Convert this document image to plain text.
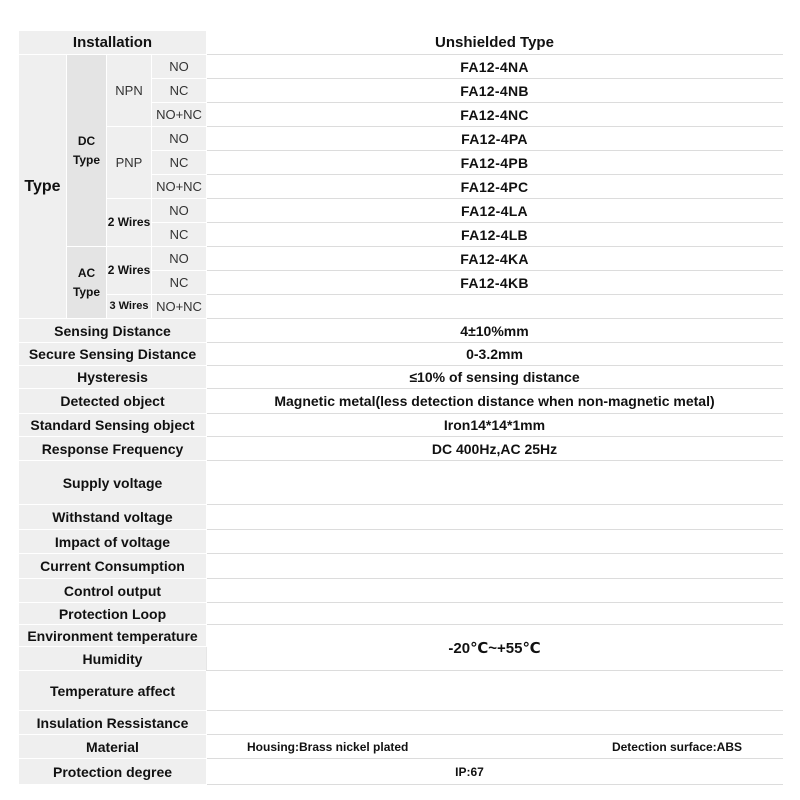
Installation				Unshielded Type
Type	DC Type	NPN	NO	FA12-4NA
			NC	FA12-4NB
			NO+NC	FA12-4NC
		PNP	NO	FA12-4PA
			NC	FA12-4PB
			NO+NC	FA12-4PC
		2 Wires	NO	FA12-4LA
			NC	FA12-4LB
	AC Type	2 Wires	NO	FA12-4KA
			NC	FA12-4KB
		3 Wires	NO+NC	
Sensing Distance				4±10%mm
Secure Sensing Distance				0-3.2mm
Hysteresis				≤10% of sensing distance
Detected object				Magnetic metal(less detection distance when non-magnetic metal)
Standard Sensing object				Iron14*14*1mm
Response Frequency				DC 400Hz,AC 25Hz
Supply voltage				
Withstand voltage				
Impact of voltage				
Current Consumption				
Control output				
Protection Loop				
Environment temperature				-20℃~+55℃
Humidity				
Temperature affect				
Insulation Ressistance				
Material				Housing:Brass nickel plated Detection surface:ABS

Protection degree				IP:67
